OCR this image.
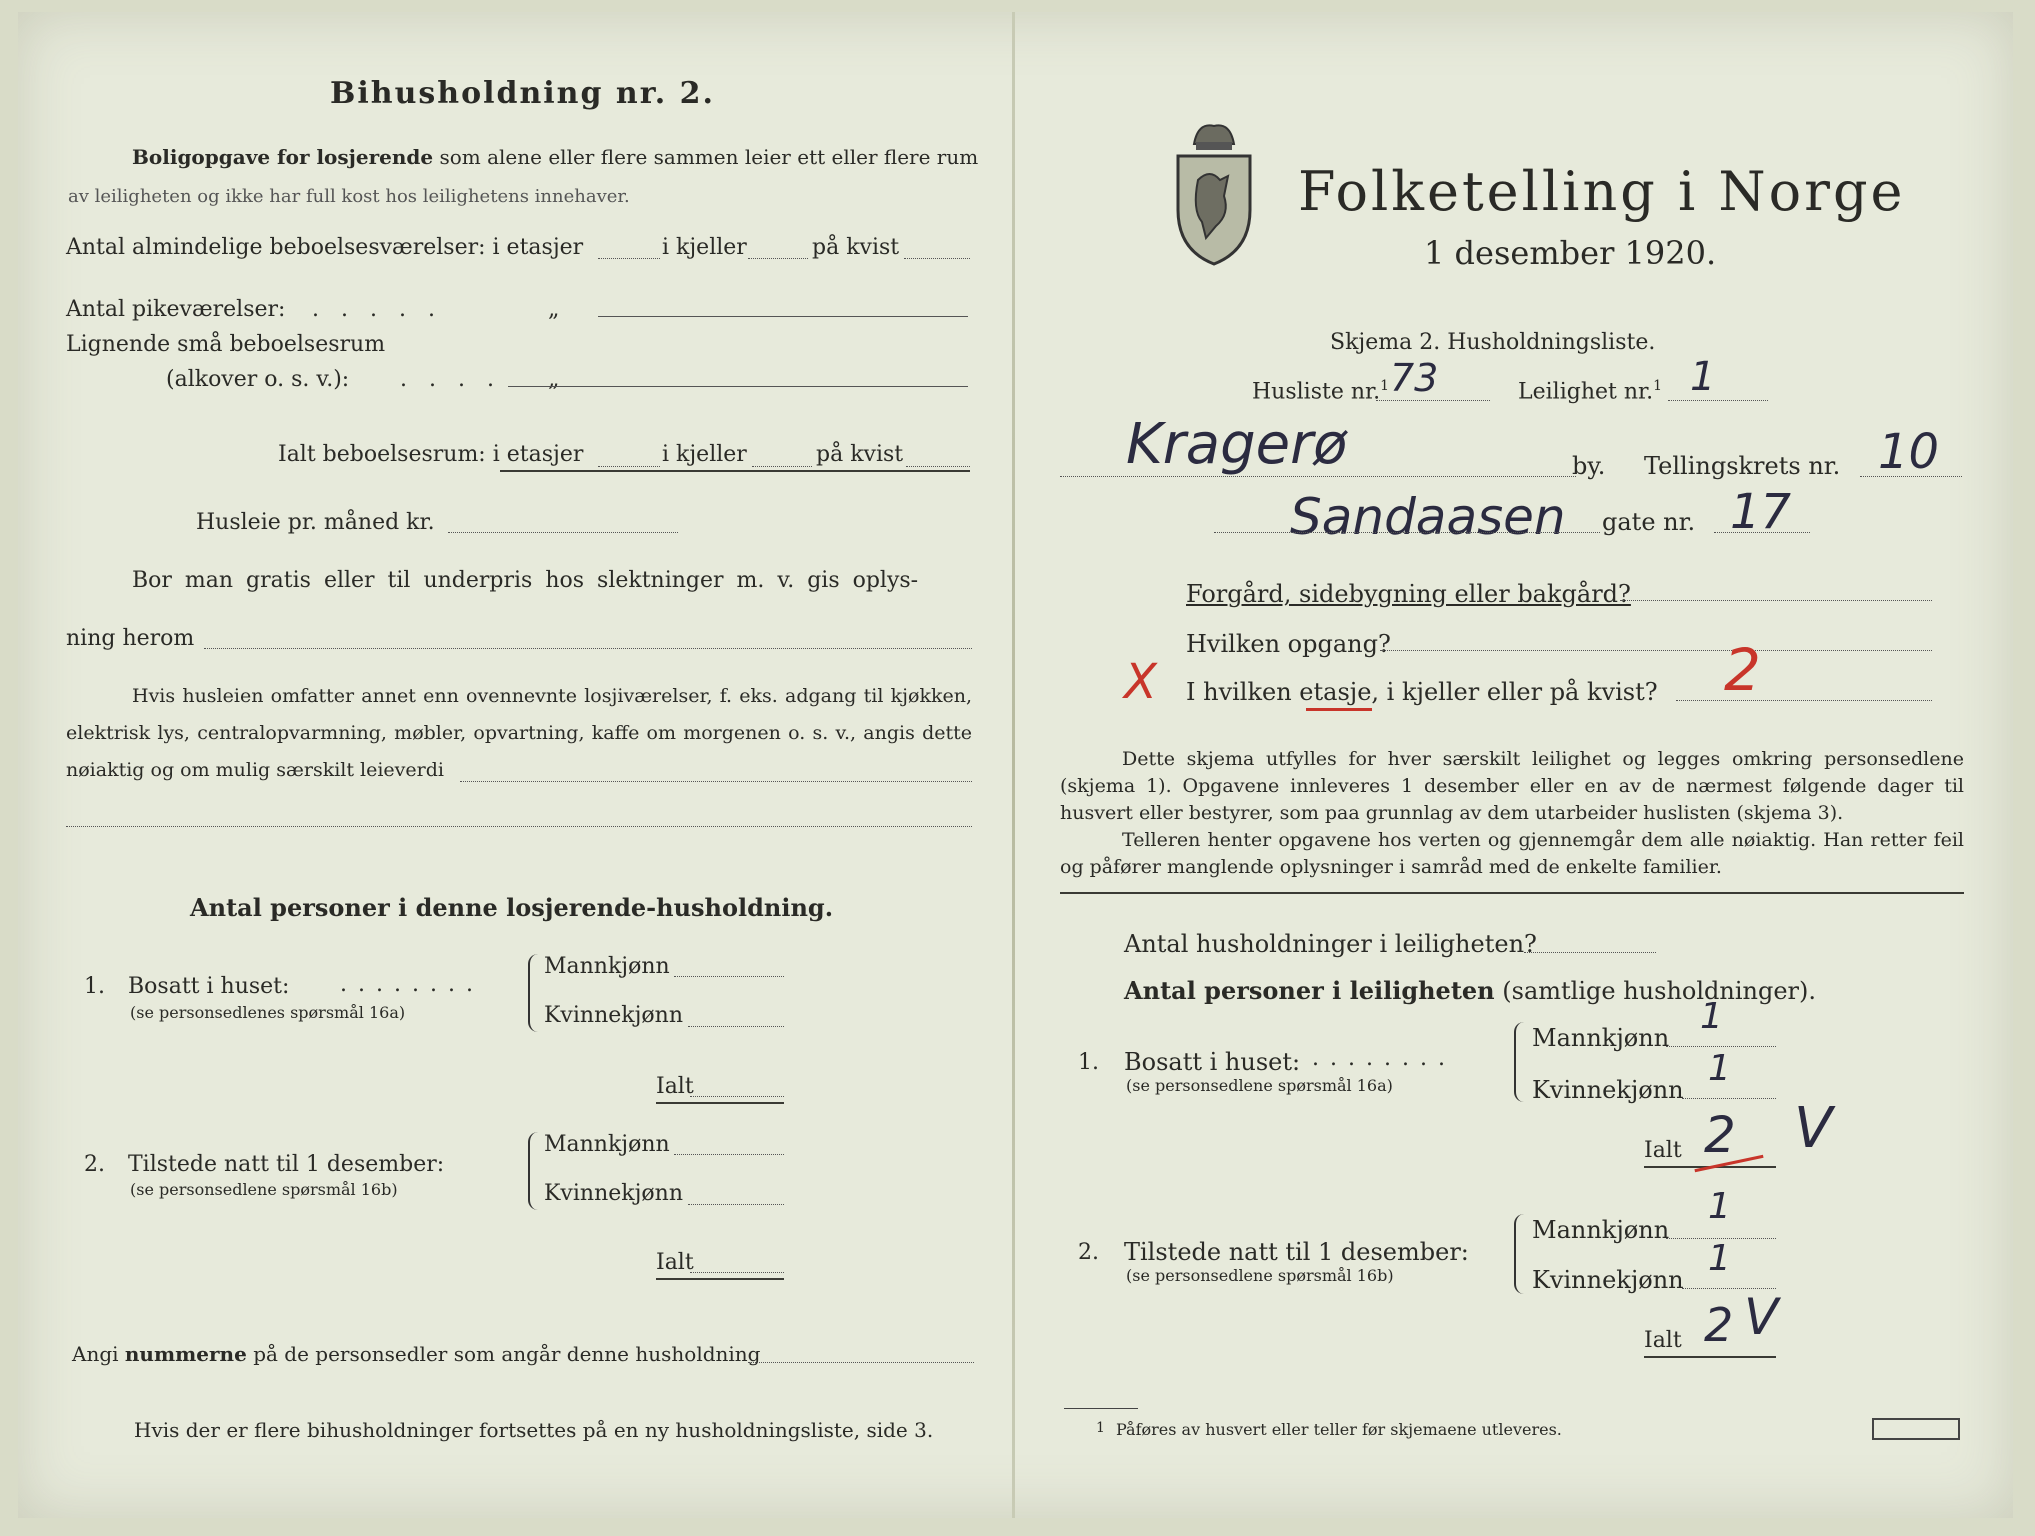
Bihusholdning nr. 2.
Boligopgave for losjerende som alene eller flere sammen leier ett eller flere rum
av leiligheten og ikke har full kost hos leilighetens innehaver.
Antal almindelige beboelsesværelser: i etasjer	i kjeller	på kvist
Antal pikeværelser: .....	„
Lignende små beboelsesrum
(alkover o. s. v.): .... „
Ialt beboelsesrum: i etasjer	i kjeller	på kvist
Husleie pr. måned kr.
Bor man gratis eller til underpris hos slektninger m. v. gis oplys-
ning herom
Hvis husleien omfatter annet enn ovennevnte losjiværelser, f. eks. adgang til kjøkken, elektrisk lys, centralopvarmning, møbler, opvartning, kaffe om morgenen o. s. v., angis dette nøiaktig og om mulig særskilt leieverdi
Antal personer i denne losjerende-husholdning.
1. Bosatt i huset: ........
(se personsedlenes spørsmål 16a)
Mannkjønn
Kvinnekjønn
Ialt
2. Tilstede natt til 1 desember:
(se personsedlene spørsmål 16b)
Mannkjønn
Kvinnekjønn
Ialt
Angi nummerne på de personsedler som angår denne husholdning
Hvis der er flere bihusholdninger fortsettes på en ny husholdningsliste, side 3.
Folketelling i Norge
1 desember 1920.
Skjema 2. Husholdningsliste.
Husliste nr.$^1$ 73	Leilighet nr.$^1$ 1
Kragerø	by. Tellingskrets nr. 10
Sandaasen gate nr. 17
Forgård, sidebygning eller bakgård?
Hvilken opgang?
X I hvilken etasje, i kjeller eller på kvist? 2
Dette skjema utfylles for hver særskilt leilighet og legges omkring personsedlene (skjema 1). Opgavene innleveres 1 desember eller en av de nærmest følgende dager til husvert eller bestyrer, som paa grunnlag av dem utarbeider huslisten (skjema 3).
Telleren henter opgavene hos verten og gjennemgår dem alle nøiaktig. Han retter feil og påfører manglende oplysninger i samråd med de enkelte familier.
Antal husholdninger i leiligheten?
Antal personer i leiligheten (samtlige husholdninger).
1. Bosatt i huset: ........
(se personsedlene spørsmål 16a)
Mannkjønn
1
Kvinnekjønn
1
Ialt 2 V
2. Tilstede natt til 1 desember:
(se personsedlene spørsmål 16b)
Mannkjønn
1
Kvinnekjønn
1
Ialt 2 V
1 Påføres av husvert eller teller før skjemaene utleveres.
